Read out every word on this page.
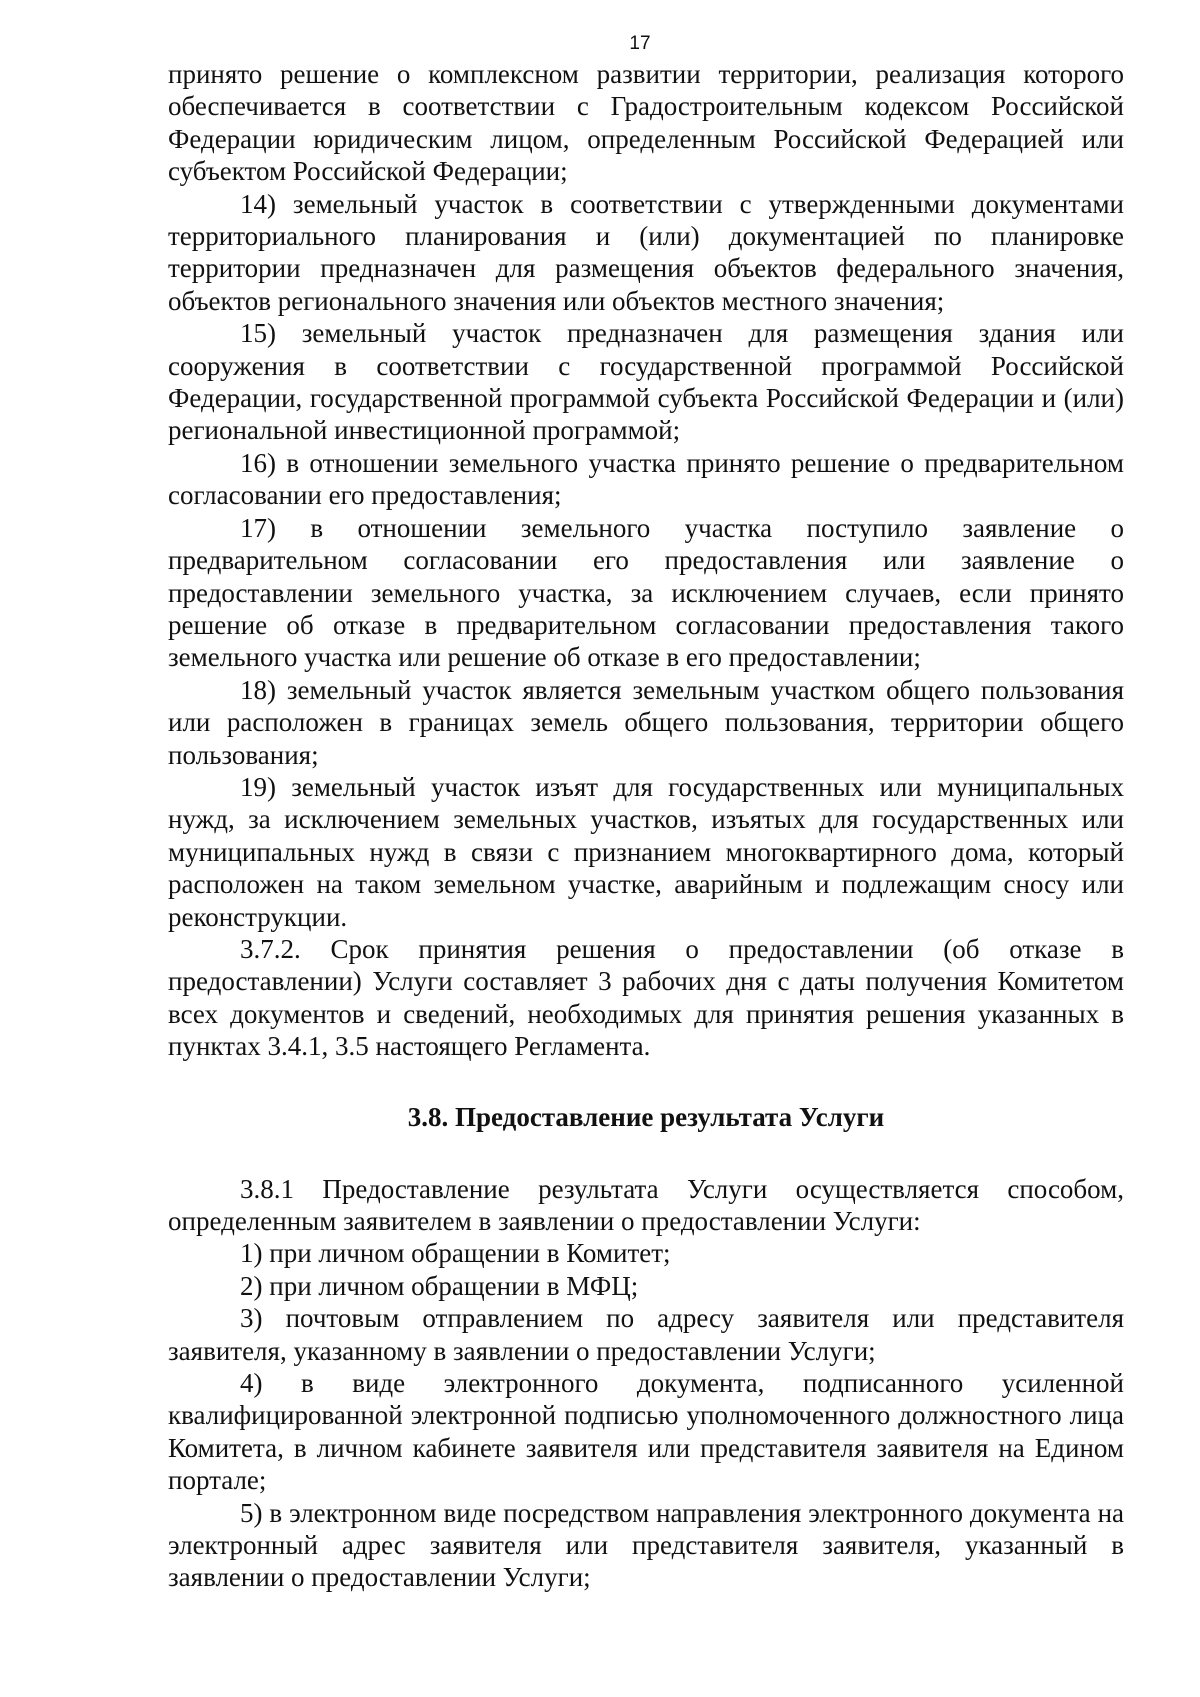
17

принято решение о комплексном развитии территории, реализация которого обеспечивается в соответствии с Градостроительным кодексом Российской Федерации юридическим лицом, определенным Российской Федерацией или субъектом Российской Федерации;

14) земельный участок в соответствии с утвержденными документами территориального планирования и (или) документацией по планировке территории предназначен для размещения объектов федерального значения, объектов регионального значения или объектов местного значения;

15) земельный участок предназначен для размещения здания или сооружения в соответствии с государственной программой Российской Федерации, государственной программой субъекта Российской Федерации и (или) региональной инвестиционной программой;

16) в отношении земельного участка принято решение о предварительном согласовании его предоставления;

17) в отношении земельного участка поступило заявление о предварительном согласовании его предоставления или заявление о предоставлении земельного участка, за исключением случаев, если принято решение об отказе в предварительном согласовании предоставления такого земельного участка или решение об отказе в его предоставлении;

18) земельный участок является земельным участком общего пользования или расположен в границах земель общего пользования, территории общего пользования;

19) земельный участок изъят для государственных или муниципальных нужд, за исключением земельных участков, изъятых для государственных или муниципальных нужд в связи с признанием многоквартирного дома, который расположен на таком земельном участке, аварийным и подлежащим сносу или реконструкции.

3.7.2. Срок принятия решения о предоставлении (об отказе в предоставлении) Услуги составляет 3 рабочих дня с даты получения Комитетом всех документов и сведений, необходимых для принятия решения указанных в пунктах 3.4.1, 3.5 настоящего Регламента.

3.8. Предоставление результата Услуги

3.8.1 Предоставление результата Услуги осуществляется способом, определенным заявителем в заявлении о предоставлении Услуги:

1) при личном обращении в Комитет;

2) при личном обращении в МФЦ;

3) почтовым отправлением по адресу заявителя или представителя заявителя, указанному в заявлении о предоставлении Услуги;

4) в виде электронного документа, подписанного усиленной квалифицированной электронной подписью уполномоченного должностного лица Комитета, в личном кабинете заявителя или представителя заявителя на Едином портале;

5) в электронном виде посредством направления электронного документа на электронный адрес заявителя или представителя заявителя, указанный в заявлении о предоставлении Услуги;
